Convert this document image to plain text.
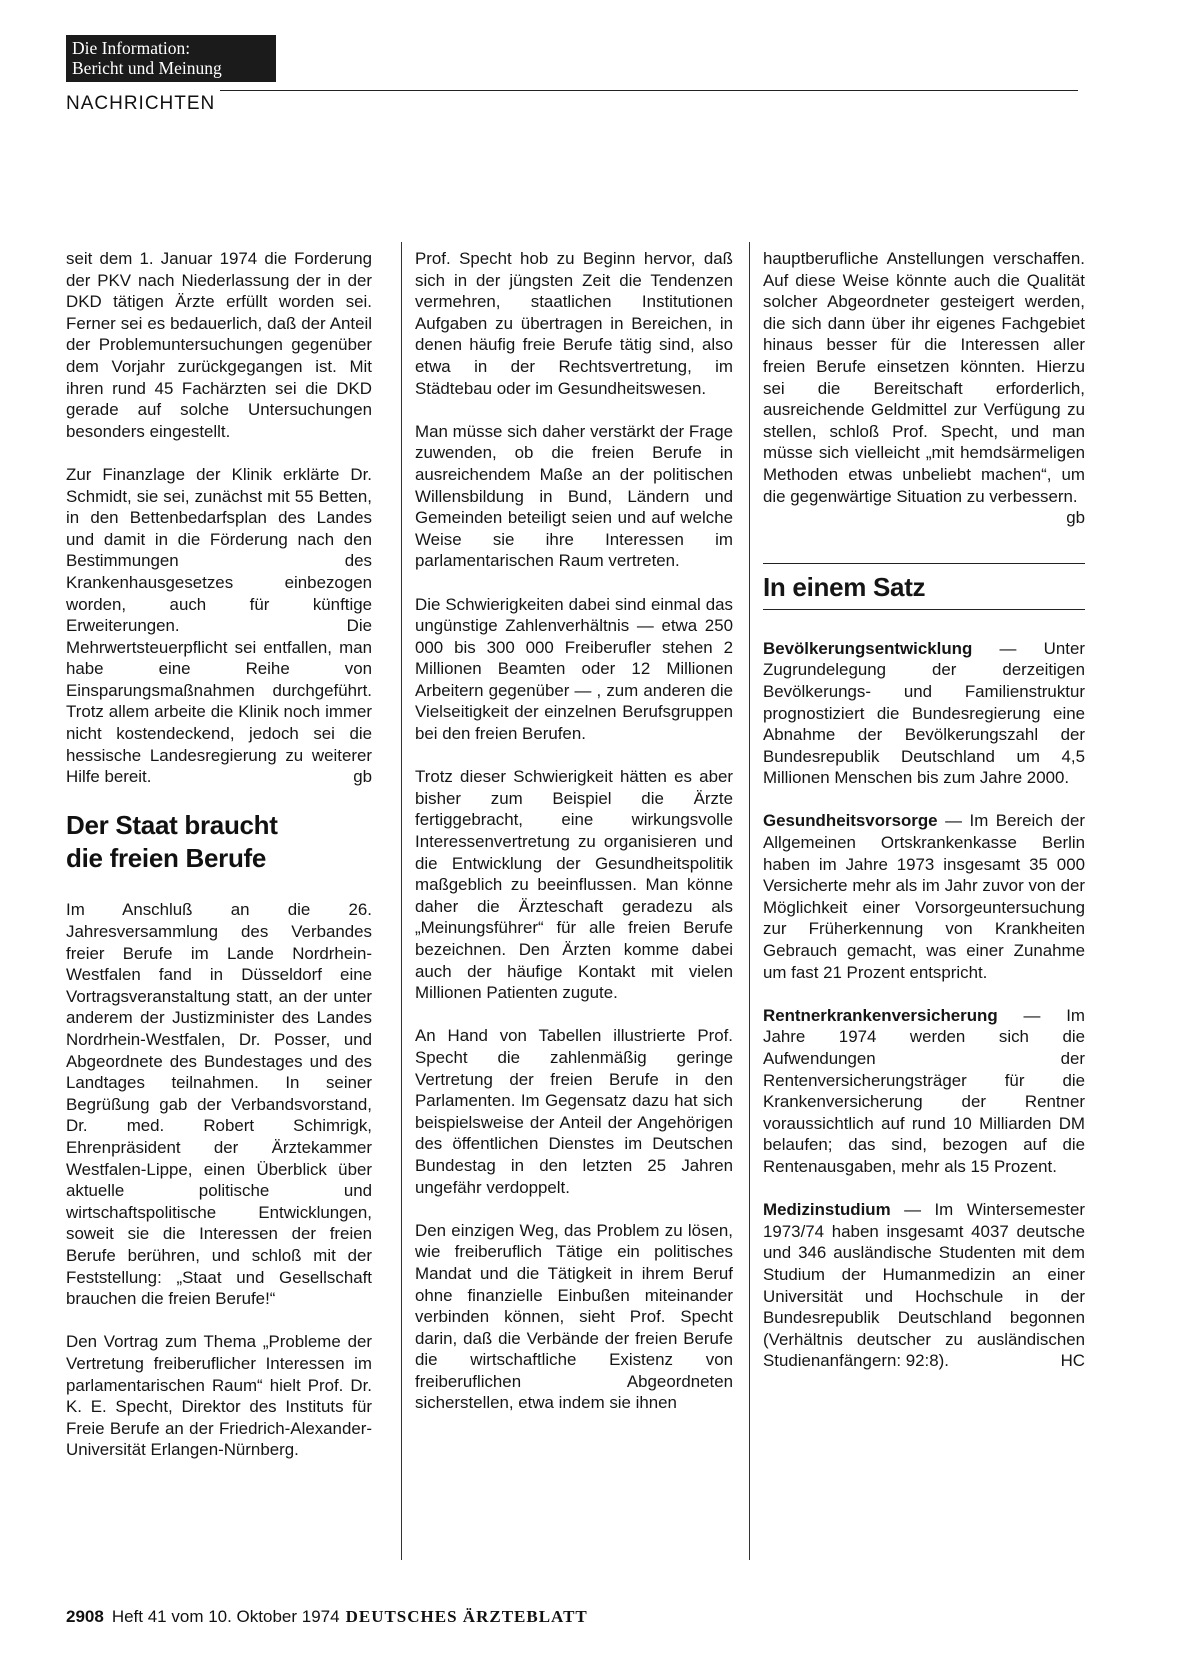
Die Information:
Bericht und Meinung
NACHRICHTEN

seit dem 1. Januar 1974 die Forderung der PKV nach Niederlassung der in der DKD tätigen Ärzte erfüllt worden sei. Ferner sei es bedauerlich, daß der Anteil der Problemuntersuchungen gegenüber dem Vorjahr zurückgegangen ist. Mit ihren rund 45 Fachärzten sei die DKD gerade auf solche Untersuchungen besonders eingestellt.

Zur Finanzlage der Klinik erklärte Dr. Schmidt, sie sei, zunächst mit 55 Betten, in den Bettenbedarfsplan des Landes und damit in die Förderung nach den Bestimmungen des Krankenhausgesetzes einbezogen worden, auch für künftige Erweiterungen. Die Mehrwertsteuerpflicht sei entfallen, man habe eine Reihe von Einsparungsmaßnahmen durchgeführt. Trotz allem arbeite die Klinik noch immer nicht kostendeckend, jedoch sei die hessische Landesregierung zu weiterer Hilfe bereit.	gb

Der Staat braucht
die freien Berufe

Im Anschluß an die 26. Jahresversammlung des Verbandes freier Berufe im Lande Nordrhein-Westfalen fand in Düsseldorf eine Vortragsveranstaltung statt, an der unter anderem der Justizminister des Landes Nordrhein-Westfalen, Dr. Posser, und Abgeordnete des Bundestages und des Landtages teilnahmen. In seiner Begrüßung gab der Verbandsvorstand, Dr. med. Robert Schimrigk, Ehrenpräsident der Ärztekammer Westfalen-Lippe, einen Überblick über aktuelle politische und wirtschaftspolitische Entwicklungen, soweit sie die Interessen der freien Berufe berühren, und schloß mit der Feststellung: „Staat und Gesellschaft brauchen die freien Berufe!“

Den Vortrag zum Thema „Probleme der Vertretung freiberuflicher Interessen im parlamentarischen Raum“ hielt Prof. Dr. K. E. Specht, Direktor des Instituts für Freie Berufe an der Friedrich-Alexander-Universität Erlangen-Nürnberg.

Prof. Specht hob zu Beginn hervor, daß sich in der jüngsten Zeit die Tendenzen vermehren, staatlichen Institutionen Aufgaben zu übertragen in Bereichen, in denen häufig freie Berufe tätig sind, also etwa in der Rechtsvertretung, im Städtebau oder im Gesundheitswesen.

Man müsse sich daher verstärkt der Frage zuwenden, ob die freien Berufe in ausreichendem Maße an der politischen Willensbildung in Bund, Ländern und Gemeinden beteiligt seien und auf welche Weise sie ihre Interessen im parlamentarischen Raum vertreten.

Die Schwierigkeiten dabei sind einmal das ungünstige Zahlenverhältnis — etwa 250 000 bis 300 000 Freiberufler stehen 2 Millionen Beamten oder 12 Millionen Arbeitern gegenüber — , zum anderen die Vielseitigkeit der einzelnen Berufsgruppen bei den freien Berufen.

Trotz dieser Schwierigkeit hätten es aber bisher zum Beispiel die Ärzte fertiggebracht, eine wirkungsvolle Interessenvertretung zu organisieren und die Entwicklung der Gesundheitspolitik maßgeblich zu beeinflussen. Man könne daher die Ärzteschaft geradezu als „Meinungsführer“ für alle freien Berufe bezeichnen. Den Ärzten komme dabei auch der häufige Kontakt mit vielen Millionen Patienten zugute.

An Hand von Tabellen illustrierte Prof. Specht die zahlenmäßig geringe Vertretung der freien Berufe in den Parlamenten. Im Gegensatz dazu hat sich beispielsweise der Anteil der Angehörigen des öffentlichen Dienstes im Deutschen Bundestag in den letzten 25 Jahren ungefähr verdoppelt.

Den einzigen Weg, das Problem zu lösen, wie freiberuflich Tätige ein politisches Mandat und die Tätigkeit in ihrem Beruf ohne finanzielle Einbußen miteinander verbinden können, sieht Prof. Specht darin, daß die Verbände der freien Berufe die wirtschaftliche Existenz von freiberuflichen Abgeordneten sicherstellen, etwa indem sie ihnen

hauptberufliche Anstellungen verschaffen. Auf diese Weise könnte auch die Qualität solcher Abgeordneter gesteigert werden, die sich dann über ihr eigenes Fachgebiet hinaus besser für die Interessen aller freien Berufe einsetzen könnten. Hierzu sei die Bereitschaft erforderlich, ausreichende Geldmittel zur Verfügung zu stellen, schloß Prof. Specht, und man müsse sich vielleicht „mit hemdsärmeligen Methoden etwas unbeliebt machen“, um die gegenwärtige Situation zu verbessern.
gb

In einem Satz

Bevölkerungsentwicklung — Unter Zugrundelegung der derzeitigen Bevölkerungs- und Familienstruktur prognostiziert die Bundesregierung eine Abnahme der Bevölkerungszahl der Bundesrepublik Deutschland um 4,5 Millionen Menschen bis zum Jahre 2000.

Gesundheitsvorsorge — Im Bereich der Allgemeinen Ortskrankenkasse Berlin haben im Jahre 1973 insgesamt 35 000 Versicherte mehr als im Jahr zuvor von der Möglichkeit einer Vorsorgeuntersuchung zur Früherkennung von Krankheiten Gebrauch gemacht, was einer Zunahme um fast 21 Prozent entspricht.

Rentnerkrankenversicherung — Im Jahre 1974 werden sich die Aufwendungen der Rentenversicherungsträger für die Krankenversicherung der Rentner voraussichtlich auf rund 10 Milliarden DM belaufen; das sind, bezogen auf die Rentenausgaben, mehr als 15 Prozent.

Medizinstudium — Im Wintersemester 1973/74 haben insgesamt 4037 deutsche und 346 ausländische Studenten mit dem Studium der Humanmedizin an einer Universität und Hochschule in der Bundesrepublik Deutschland begonnen (Verhältnis deutscher zu ausländischen Studienanfängern: 92:8).	HC

2908 Heft 41 vom 10. Oktober 1974 DEUTSCHES ÄRZTEBLATT
